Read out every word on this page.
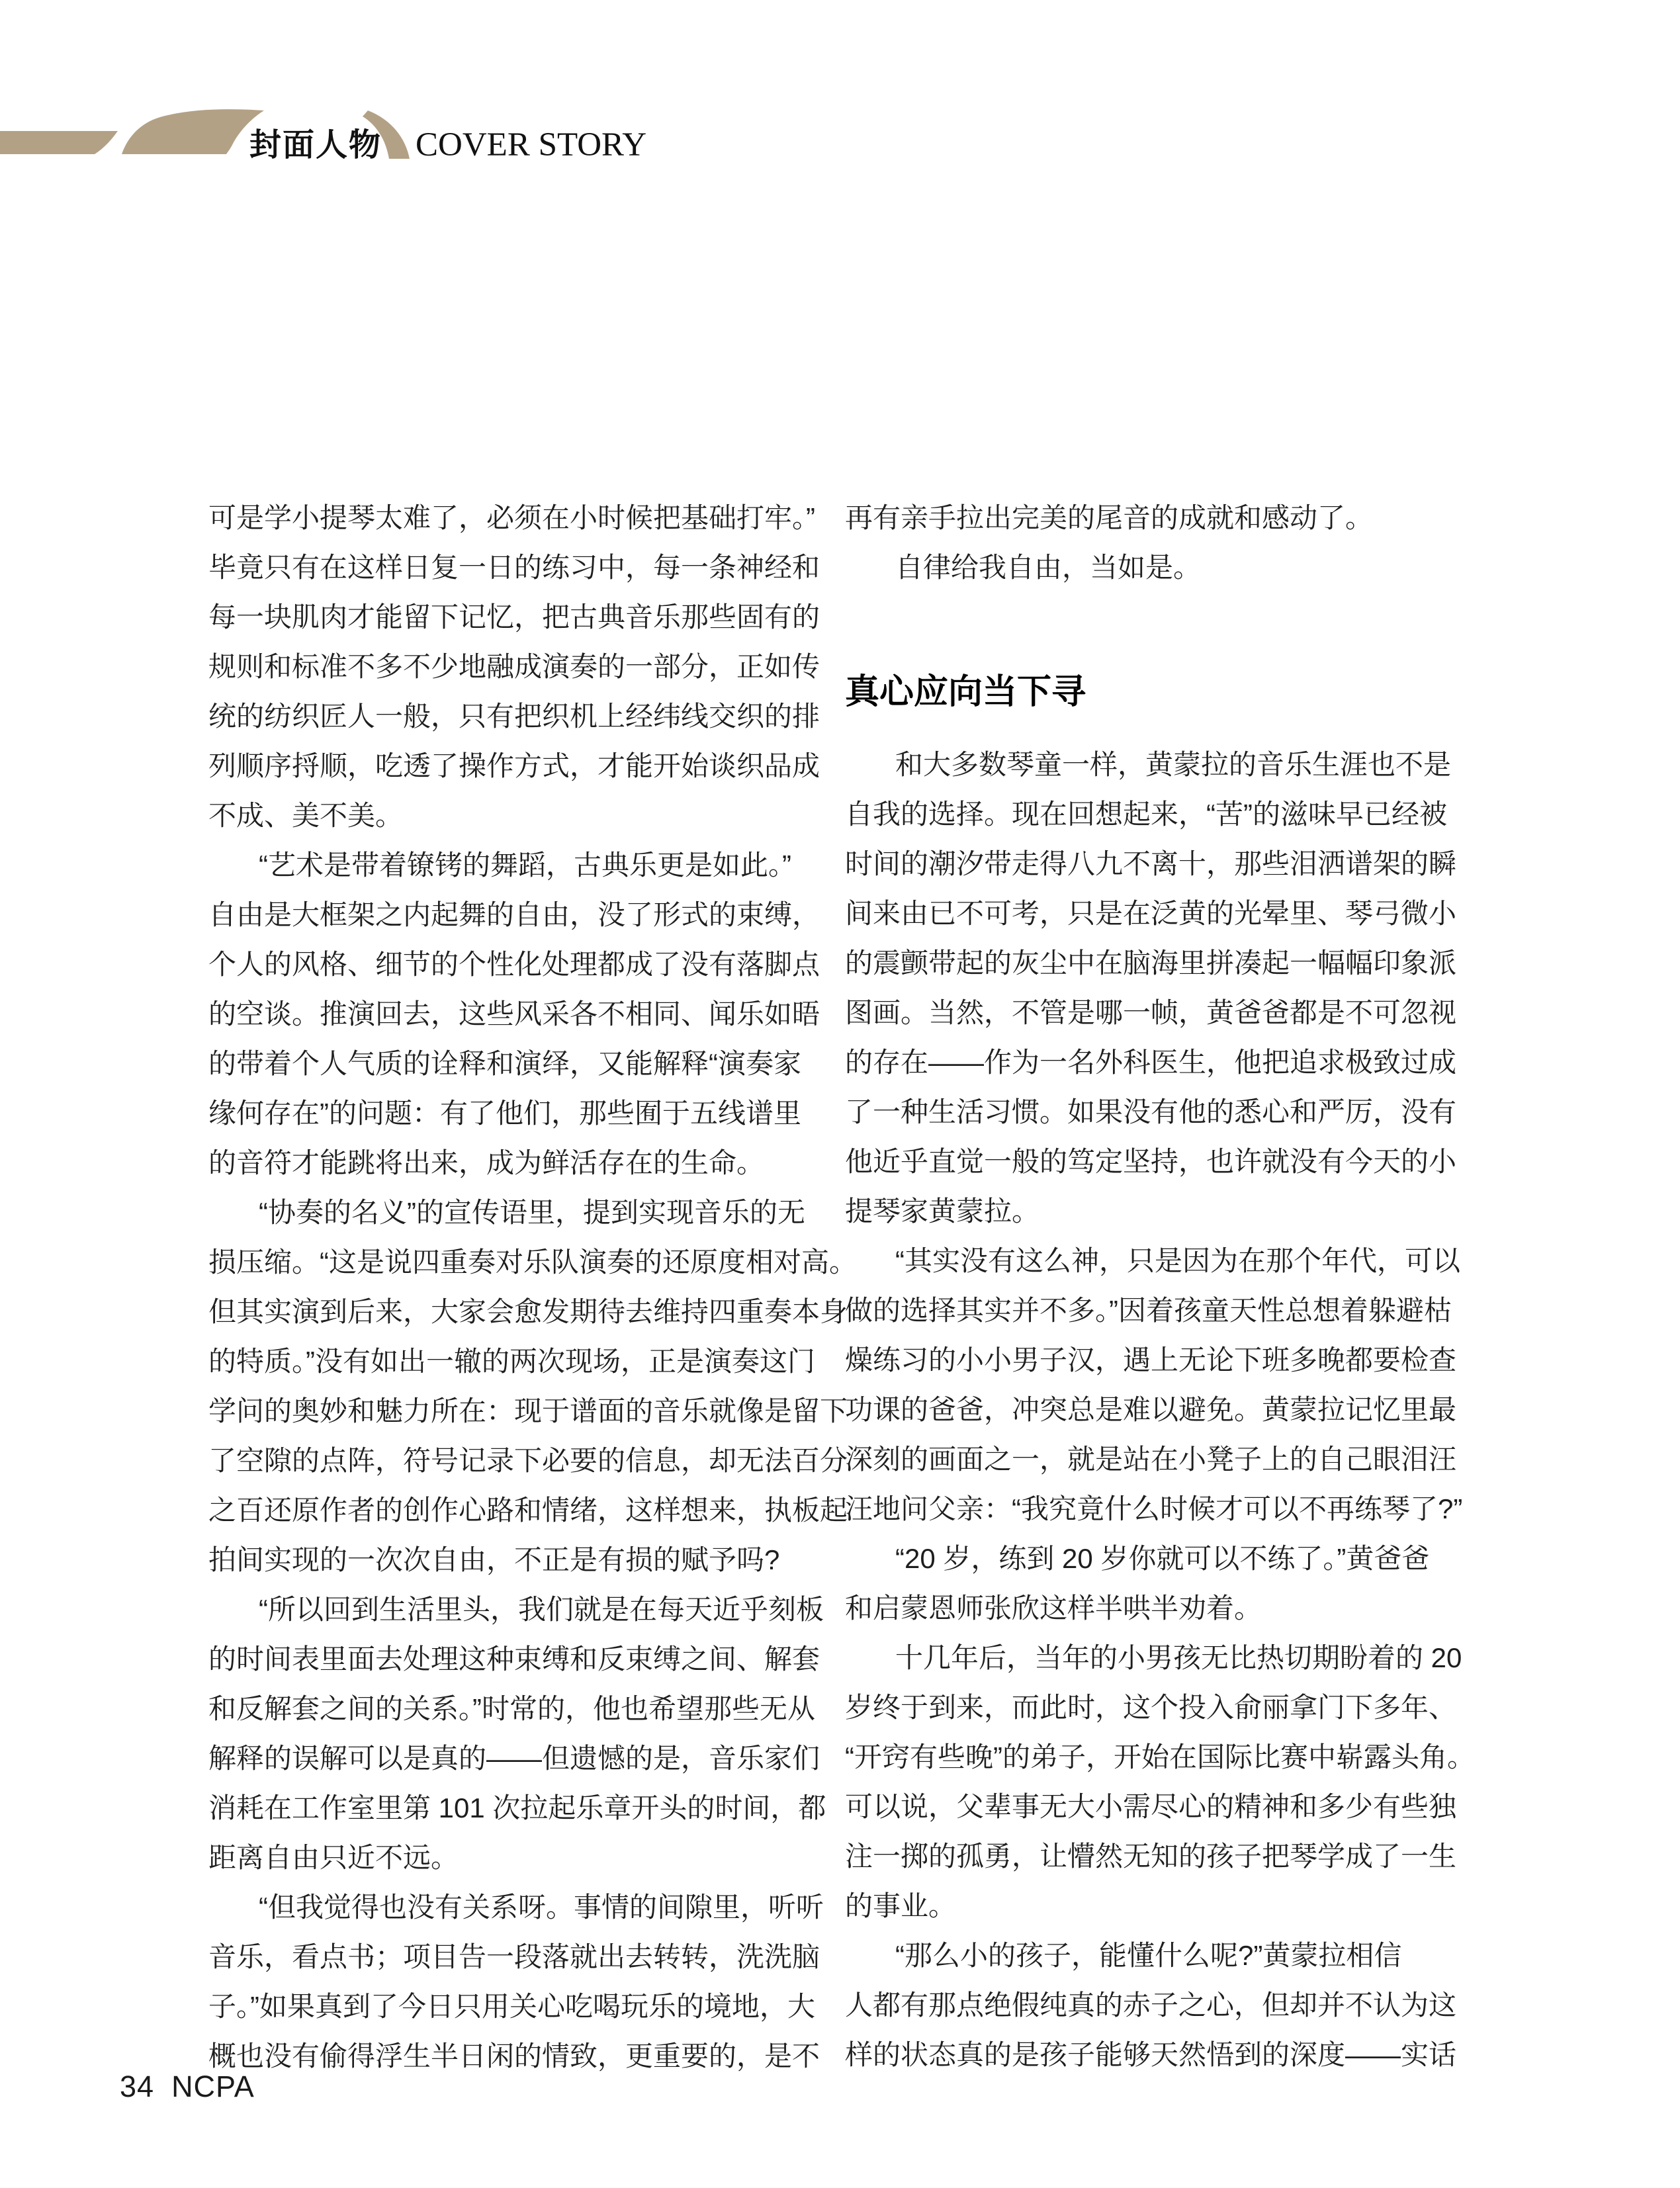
封面人物 COVER STORY
可是学小提琴太难了，必须在小时候把基础打牢。”
毕竟只有在这样日复一日的练习中，每一条神经和
每一块肌肉才能留下记忆，把古典音乐那些固有的
规则和标准不多不少地融成演奏的一部分，正如传
统的纺织匠人一般，只有把织机上经纬线交织的排
列顺序捋顺，吃透了操作方式，才能开始谈织品成
不成、美不美。
“艺术是带着镣铐的舞蹈，古典乐更是如此。”
自由是大框架之内起舞的自由，没了形式的束缚，
个人的风格、细节的个性化处理都成了没有落脚点
的空谈。推演回去，这些风采各不相同、闻乐如晤
的带着个人气质的诠释和演绎，又能解释“演奏家
缘何存在”的问题：有了他们，那些囿于五线谱里
的音符才能跳将出来，成为鲜活存在的生命。
“协奏的名义”的宣传语里，提到实现音乐的无
损压缩。“这是说四重奏对乐队演奏的还原度相对高。
但其实演到后来，大家会愈发期待去维持四重奏本身
的特质。”没有如出一辙的两次现场，正是演奏这门
学问的奥妙和魅力所在：现于谱面的音乐就像是留下
了空隙的点阵，符号记录下必要的信息，却无法百分
之百还原作者的创作心路和情绪，这样想来，执板起
拍间实现的一次次自由，不正是有损的赋予吗?
“所以回到生活里头，我们就是在每天近乎刻板
的时间表里面去处理这种束缚和反束缚之间、解套
和反解套之间的关系。”时常的，他也希望那些无从
解释的误解可以是真的——但遗憾的是，音乐家们
消耗在工作室里第 101 次拉起乐章开头的时间，都
距离自由只近不远。
“但我觉得也没有关系呀。事情的间隙里，听听
音乐，看点书；项目告一段落就出去转转，洗洗脑
子。”如果真到了今日只用关心吃喝玩乐的境地，大
概也没有偷得浮生半日闲的情致，更重要的，是不
再有亲手拉出完美的尾音的成就和感动了。
自律给我自由，当如是。
真心应向当下寻
和大多数琴童一样，黄蒙拉的音乐生涯也不是
自我的选择。现在回想起来，“苦”的滋味早已经被
时间的潮汐带走得八九不离十，那些泪洒谱架的瞬
间来由已不可考，只是在泛黄的光晕里、琴弓微小
的震颤带起的灰尘中在脑海里拼凑起一幅幅印象派
图画。当然，不管是哪一帧，黄爸爸都是不可忽视
的存在——作为一名外科医生，他把追求极致过成
了一种生活习惯。如果没有他的悉心和严厉，没有
他近乎直觉一般的笃定坚持，也许就没有今天的小
提琴家黄蒙拉。
“其实没有这么神，只是因为在那个年代，可以
做的选择其实并不多。”因着孩童天性总想着躲避枯
燥练习的小小男子汉，遇上无论下班多晚都要检查
功课的爸爸，冲突总是难以避免。黄蒙拉记忆里最
深刻的画面之一，就是站在小凳子上的自己眼泪汪
汪地问父亲：“我究竟什么时候才可以不再练琴了?”
“20 岁，练到 20 岁你就可以不练了。”黄爸爸
和启蒙恩师张欣这样半哄半劝着。
十几年后，当年的小男孩无比热切期盼着的 20
岁终于到来，而此时，这个投入俞丽拿门下多年、
“开窍有些晚”的弟子，开始在国际比赛中崭露头角。
可以说，父辈事无大小需尽心的精神和多少有些独
注一掷的孤勇，让懵然无知的孩子把琴学成了一生
的事业。
“那么小的孩子，能懂什么呢?”黄蒙拉相信
人都有那点绝假纯真的赤子之心，但却并不认为这
样的状态真的是孩子能够天然悟到的深度——实话
34 NCPA
